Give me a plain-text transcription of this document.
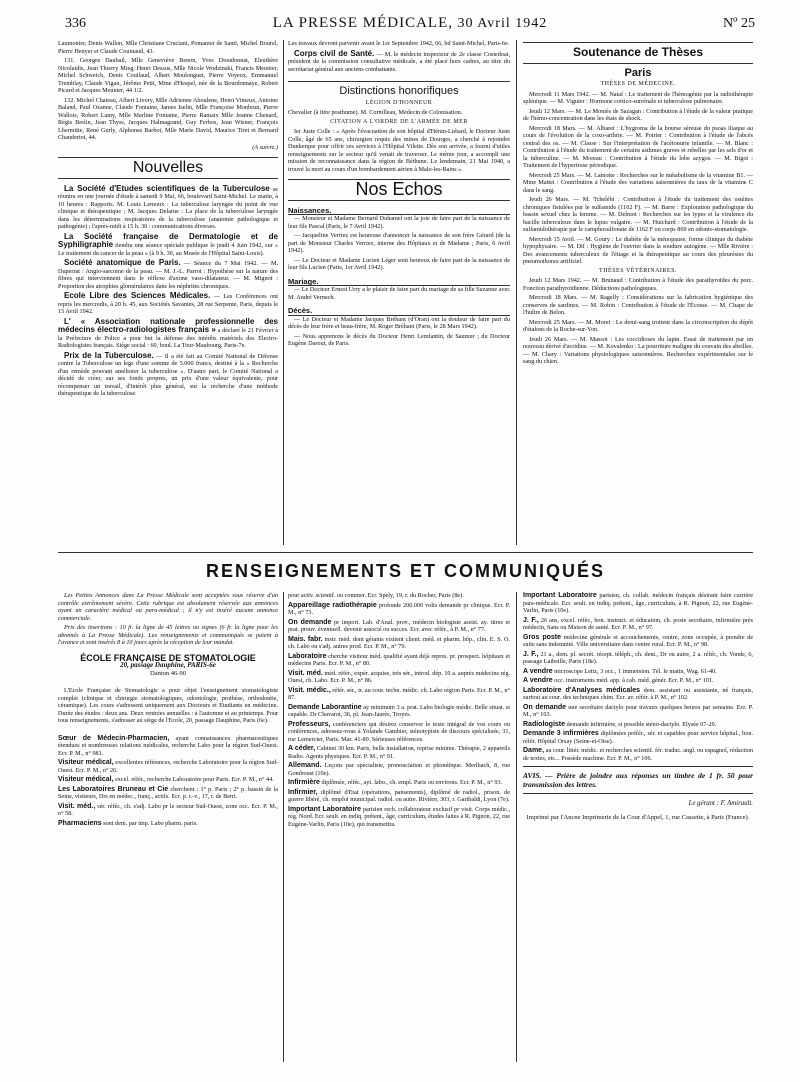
336	LA PRESSE MÉDICALE, 30 Avril 1942	Nº 25

Laumonier, Denis Wallon, Mlle Christiane Cruciani, Pomanier de Santi, Michel Bourel, Pierre Heuyer et Claude Couinaud, 43.

131. Georges Daubail, Mlle Geneviève Benon, Yves Dioudonnat, Eleuthère Nicolaidis, Jean Thierry Mieg, Henri Dessus, Mlle Nicole Wodzinski, Francis Meunier, Michel Schweich, Denis Couilaud, Albert Moulonguet, Pierre Voyeux, Emmanuel Tremblay, Claude Vigan, Jérôme Petit, Mme d'Hespel, née de la Bourdonnaye, Robert Picard et Jacques Meunier, 44 1/2.

132. Michel Chateau, Albert Livory, Mlle Adrienne Aboulene, Henri Vimeux, Antoine Baland, Paul Ozanne, Claude Fontaine, James Iselin, Mlle Françoise Monbrun, Pierre Wallois, Robert Lamy, Mlle Marline Fontaine, Pierre Ramaix Mlle Jeanne Chenard, Régis Brelin, Jean Thyss, Jacques Halmagrand, Guy Ferbos, Jean Wisner, François Lhermitte, René Gurly, Alphonse Barbot, Mlle Marie David, Maurice Tiret et Bernard Chandertot, 44.

(A suivre.)

Nouvelles

La Société d'Etudes scientifiques de la Tuberculose se réunira en une journée d'étude à samedi 9 Mai, 66, boulevard Saint-Michel. Le matin, à 10 heures : Rapports. M. Louis Lemoux : La tuberculose laryngée du point de vue clinique et thérapeutique ; M. Jacques Delarue : La place de la tuberculose laryngée dans les déterminations respiratoires de la tuberculose (anatomie pathologique et pathogénie) ; l'après-midi à 15 h. 30 : communications diverses.

La Société française de Dermatologie et de Syphiligraphie tiendra une séance spéciale publique le jeudi 4 Juin 1942, sur « Le traitement du cancer de la peau » (à 9 h. 30, au Musée de l'Hôpital Saint-Louis).

Société anatomique de Paris. — Séance du 7 Mai 1942. — M. Duperrat : Angio-sarcome de la peau. — M. J.-L. Parrot : Hypothèse sur la nature des fibres qui interviennent dans le réflexe d'axone vaso-dilatateur. — M. Mignot : Proportion des atrophies glomérulaires dans les néphrites chroniques.

Ecole Libre des Sciences Médicales. — Les Conférences ont repris les mercredis, à 20 h. 45, aux Sociétés Savantes, 28 rue Serpente, Paris, depuis le 15 Avril 1942.

L' « Association nationale professionnelle des médecins électro-radiologistes français » a déclaré le 21 Février à la Préfecture de Police a pour but la défense des intérêts matériels des Electro-Radiologistes français. Siège social : 60, boul. La Tour-Maubourg, Paris-7e.

Prix de la Tuberculose. — Il a été fait au Comité National de Défense contre la Tuberculose un legs d'une somme de 5.000 francs, destiné à la « Recherche d'un remède pouvant améliorer la tuberculose ». D'autre part, le Comité National a décidé de créer, sur ses fonds propres, un prix d'une valeur équivalente, pour récompenser un travail, d'intérêt plus général, sur la recherche d'une méthode thérapeutique de la tuberculose.

Les travaux devront parvenir avant le 1er Septembre 1942, 66, bd Saint-Michel, Paris-6e.

Corps civil de Santé. — M. le médecin inspecteur de 2e classe Costedoat, président de la commission consultative médicale, a été placé hors cadres, au titre du secrétariat général aux anciens combattants.

Distinctions honorifiques
LÉGION D'HONNEUR

Chevalier (à titre posthume). M. Cornilleau, Médecin de Colonisation.

CITATION A L'ORDRE DE L'ARMÉE DE MER

Ier Juste Colle : « Après l'évacuation de son hôpital d'Hénin-Liétard, le Docteur Juste Colle, âgé de 65 ans, chirurgien requis des mines de Dourges, a cherché à rejoindre Dunkerque pour offrir ses services à l'Hôpital Vilette. Dès son arrivée, a fourni d'utiles renseignements sur le secteur qu'il venait de traverser. Le même jour, a accompli une mission de reconnaissance dans la région de Béthune. Le lendemain, 21 Mai 1940, a trouvé la mort au cours d'un bombardement aérien à Malo-les-Bains ».

Nos Echos
Naissances.

— Monsieur et Madame Bernard Duhamel ont la joie de faire part de la naissance de leur fils Pascal (Paris, le 7 Avril 1942).

— Jacqueline Verriez est heureuse d'annoncer la naissance de son frère Gérard (de la part de Monsieur Charles Verriez, interne des Hôpitaux et de Madame ; Paris, 6 Avril 1942).

— Le Docteur et Madame Lucien Léger sont heureux de faire part de la naissance de leur fils Lucien (Paris, 1er Avril 1942).

Mariage.

— Le Docteur Ernest Urry a le plaisir de faire part du mariage de sa fille Suzanne avec M. André Vernech.

Décès.

— Le Docteur et Madame Jacques Bréhant (d'Oran) ont la douleur de faire part du décès de leur frère et beau-frère, M. Roger Bréhant (Paris, le 28 Mars 1942).

— Nous apprenons le décès du Docteur Henri Lemfantin, de Saumur ; du Docteur Eugène Darout, de Paris.

Soutenance de Thèses
Paris
THÈSES DE MÉDECINE.

Mercredi 11 Mars 1942. — M. Nataf : Le traitement de l'hémogénie par la radiothérapie splénique. — M. Viguier : Hormone cortico-surrénale et tuberculose pulmonaire.

Jeudi 12 Mars. — M. Le Moniès de Sazagan : Contribution à l'étude de la valeur pratique de l'hémo-concentration dans les états de shock.

Mercredi 18 Mars. — M. Albaret : L'hygroma de la bourse séreuse du psoas iliaque au cours de l'évolution de la coxo-arthrie. — M. Poirier : Contribution à l'étude de l'abcès central des os. — M. Classe : Sur l'interprétation de l'acétonurie infantile. — M. Blanc : Contribution à l'étude du traitement de certains asthmes graves et rebelles par les sels d'or et la tuberculine. — M. Moreau : Contribution à l'étude du lobe azygos. — M. Bigot : Traitement de l'hypertrose périodique.

Mercredi 25 Mars. — M. Lamotte : Recherches sur le métabolisme de la vitamine B1. — Mme Mattei : Contribution à l'étude des variations saisonnières du taux de la vitamine C dans le sang.

Jeudi 26 Mars. — M. Tcheléhi : Contribution à l'étude du traitement des ostéites chroniques fistulées par le sulfamide (1162 F). — M. Barre : Exploration pathologique du bassin sexuel chez la femme. — M. Delmot : Recherches sur les types et la virulence du bacille tuberculeux dans le lupus vulgaire. — M. Huichard : Contribution à l'étude de la sulfamidothérapie par le camphosulfonate de 1162 F ou corps 869 en odonto-stomatologie.

Mercredi 15 Avril. — M. Goury : Le diabète de la ménopause, forme clinique du diabète hypophysaire. — M. Dif : Hygiène de l'ouvrier dans la soudure autogène. — Mlle Rivière : Des avancements tuberculeux de l'étiage et la thérapeutique au cours des pleurésies du pneumothorax artificiel.

THÈSES VÉTÉRINAIRES.

Jeudi 12 Mars 1942. — M. Brunaud : Contribution à l'étude des parathyroïdes du porc. Fonction parathyroïdienne. Déductions pathologiques.

Mercredi 18 Mars. — M. Ragelly : Considérations sur la fabrication hygiénique des conserves de sardines. — M. Robin : Contribution à l'étude de l'Écosse. — M. Chape de l'huître de Belon.

Mercredi 25 Mars. — M. Moret : Le demi-sang trotteur dans la circonscription du dépôt d'étalons de la Roche-sur-Yon.

Jeudi 26 Mars. — M. Massot : Les coccidioses du lapin. Essai de traitement par un nouveau dérivé d'acridine. — M. Kovalenko : La pourriture maligne du couvain des abeilles. — M. Chary : Variations physiologiques saisonnières. Recherches expérimentales sur le sang du chien.

RENSEIGNEMENTS ET COMMUNIQUÉS

Les Petites Annonces dans La Presse Médicale sont acceptées sous réserve d'un contrôle extrêmement sévère. Cette rubrique est absolument réservée aux annonces ayant un caractère médical ou para-médical ; il n'y est inséré aucune annonce commerciale.

Prix des insertions : 10 fr. la ligne de 45 lettres ou signes (6 fr. la ligne pour les abonnés à La Presse Médicale). Les renseignements et communiqués se paient à l'avance et sont insérés 8 à 10 jours après la réception de leur mandat.

ÉCOLE FRANÇAISE DE STOMATOLOGIE
20, passage Dauphine, PARIS-6e
Danton 46-90

L'Ecole Française de Stomatologie a pour objet l'enseignement stomatologiste complet (clinique et chirurgie stomatologiques, odontologie, prothèse, orthodontie, céramique). Les cours s'adressent uniquement aux Docteurs et Etudiants en médecine. Durée des études : deux ans. Deux rentrées annuelles : à l'automne et au printemps. Pour tous renseignements, s'adresser au siège de l'Ecole, 20, passage Dauphine, Paris (6e).

Sœur de Médecin-Pharmacien, ayant connaissances pharmaceutiques étendues et nombreuses relations médicales, recherche Labo pour la région Sud-Ouest. Ecr. P. M., n° 981.

Visiteur médical, excellentes références, recherche Laboratoire pour la région Sud-Ouest. Ecr. P. M., n° 26.

Visiteur médical, excel. référ., recherche Laboratoire pour Paris. Ecr. P. M., n° 44.

Les Laboratoires Bruneau et Cie cherchent : 1° p. Paris ; 2° p. bassin de la Seine, visiteurs, Drs en médec., franç., actifs. Ecr. p. r.-v., 17, r. de Berri.

Visit. méd., sér. référ., ch. s'adj. Labo pr le secteur Sud-Ouest, zone occ. Ecr. P. M., n° 58.

Pharmaciens sont dem. par imp. Labo pharm. paris.

pour activ. scientif. ou commer. Ecr. Spely, 19, r. du Rocher, Paris (8e).

Appareillage radiothérapie profonde 200.000 volts demande pr clinique. Ecr. P. M., n° 73.

On demande pr import. Lab. d'Anal. prov., médecin biologiste assist. ay. titres et prat. prouv. éventuell. devenir associé ou succes. Ecr. avec référ., à P. M., n° 77.

Mais. fabr. instr. méd. dont gérants visitent client. méd. et pharm. hôp., clin. E. S. O. ch. Labo ou s'adj. autres prod. Ecr. P. M., n° 79.

Laboratoire cherche visiteur méd. qualifié ayant déjà repres. pr. prospect. hôpitaux et médecins Paris. Ecr. P. M., n° 80.

Visit. méd. méd. référ., expér. acquise, très sér., introd. dép. 10 a. auprès médecins rég. Ouest, ch. Labo. Ecr. P. M., n° 86.

Visit. médic., référ. sér., tr. au cour. techn. médic. ch. Labo région Paris. Ecr. P. M., n° 87.

Demande Laborantine ay minimum 3 a. prat. Labo biologie médic. Belle situat. si capable. Dr Chavarot, 36, pl. Jean-Jaurès, Troyes.

Professeurs, conférenciers qui désirez conserver le texte intégral de vos cours ou conférences, adressez-vous à Yolande Gambier, sténotypiste de discours spécialisée, 31, rue Lemercier, Paris. Mar. 41-80. Sérieuses références.

A céder, Cabinet 30 km. Paris, belle installation, reprise minime. Thérapie, 2 appareils Radio. Agents physiques. Ecr. P. M., n° 91.

Allemand. Leçons par spécialiste, prononciation et phonétique. Merlbach, 8, rue Gomboust (10e).

Infirmière diplômée, référ., ayt. labo., ch. empl. Paris ou environs. Ecr. P. M., n° 93.

Infirmier, diplômé d'Etat (opérations, pansements), diplômé de radiol., prison. de guerre libéré, ch. emploi municipal. radiol. ou autre. Rivière, 303, r. Garibaldi, Lyon (7e).

Important Laboratoire parisien rech. collaborateur exclusif pr visit. Corps médic., rég. Nord. Ecr. seult. en indiq. prétent., âge, curriculum, études faites à R. Pignon, 22, rue Eugène-Varlin, Paris (10e), qui transmettra.

Important Laboratoire parisien, ch. collab. médecin français désirant faire carrière para-médicale. Ecr. seult. en indiq. prétent., âge, curriculum, à R. Pignon, 22, rue Eugène-Varlin, Paris (10e).

J. F., 26 ans, excel. référ., bon. instruct. et éducation, ch. poste secrétaire, infirmière près médecin, Sans ou Maison de santé. Ecr. P. M., n° 97.

Gros poste médecine générale et accouchements, centre, zone occupée, à prendre de suite sans indemnité. Ville universitaire dans centre rural. Ecr. P. M., n° 98.

J. F., 21 a., dem. pl. secrét. récept. téléph., ch. dent., Dr ou autre, 2 a. référ., ch. Vonde, 6, passage Laibeille, Paris (18e).

A vendre microscope Leitz, 3 occ., 1 immersion. Tél. le matin, Wag. 61-40.

A vendre occ. instruments méd. app. à cab. méd. génér. Ecr. P. M., n° 101.

Laboratoire d'Analyses médicales dem. assistant ou assistante, né français, surtout au cour. des techniques chim. Ecr. av. référ. à P. M., n° 102.

On demande une secrétaire dactylo pour travaux quelques heures par semaine. Ecr. P. M., n° 103.

Radiologiste demande infirmière, si possible sténo-dactylo. Elysée 07-29.

Demande 3 infirmières diplômées préfér., sér. et capables pour service hôpital., bon. référ. Hôpital Orsay (Seine-et-Oise).

Dame, au cour. littér. médic. et recherches scientif. fér. traduc. angl. ou espagnol, rédaction de textes, etc... Possède machine. Ecr. P. M., n° 106.

AVIS. — Prière de joindre aux réponses un timbre de 1 fr. 50 pour transmission des lettres.
Le gérant : F. Amirault.
Imprimé par l'Ancne Imprimerie de la Cour d'Appel, 1, rue Cassette, à Paris (France).
